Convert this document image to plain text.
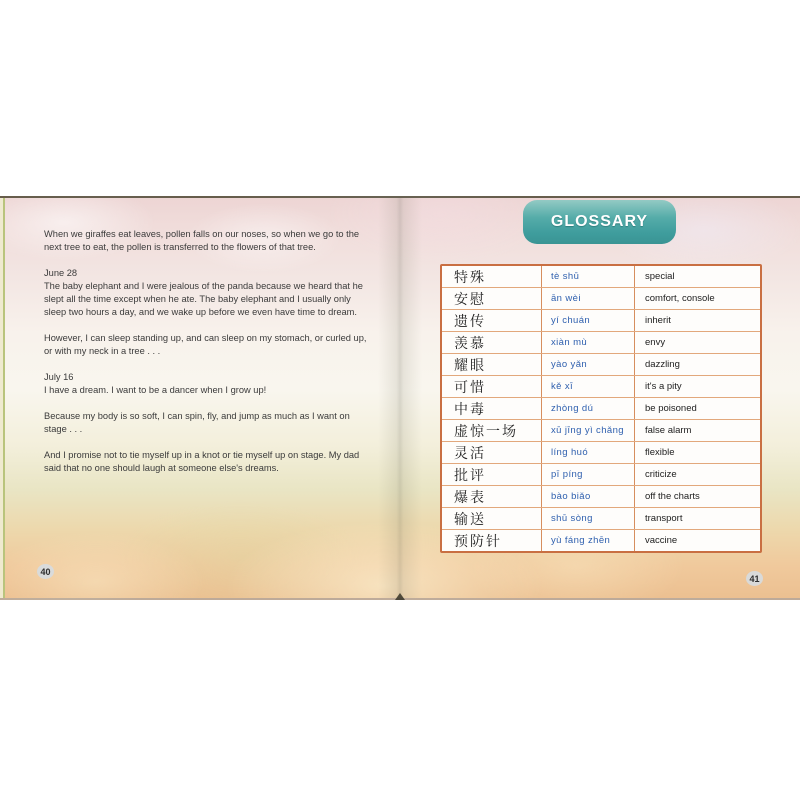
When we giraffes eat leaves, pollen falls on our noses, so when we go to the next tree to eat, the pollen is transferred to the flowers of that tree.
June 28
The baby elephant and I were jealous of the panda because we heard that he slept all the time except when he ate. The baby elephant and I usually only sleep two hours a day, and we wake up before we even have time to dream.
However, I can sleep standing up, and can sleep on my stomach, or curled up, or with my neck in a tree . . .
July 16
I have a dream. I want to be a dancer when I grow up!
Because my body is so soft, I can spin, fly, and jump as much as I want on stage . . .
And I promise not to tie myself up in a knot or tie myself up on stage. My dad said that no one should laugh at someone else's dreams.
40
GLOSSARY
特殊	tè shū	special
安慰	ān wèi	comfort, console
遗传	yí chuán	inherit
羡慕	xiàn mù	envy
耀眼	yào yǎn	dazzling
可惜	kě xī	it's a pity
中毒	zhòng dú	be poisoned
虚惊一场	xū jīng yì chǎng	false alarm
灵活	líng huó	flexible
批评	pī píng	criticize
爆表	bào biǎo	off the charts
输送	shū sòng	transport
预防针	yù fáng zhēn	vaccine
41
